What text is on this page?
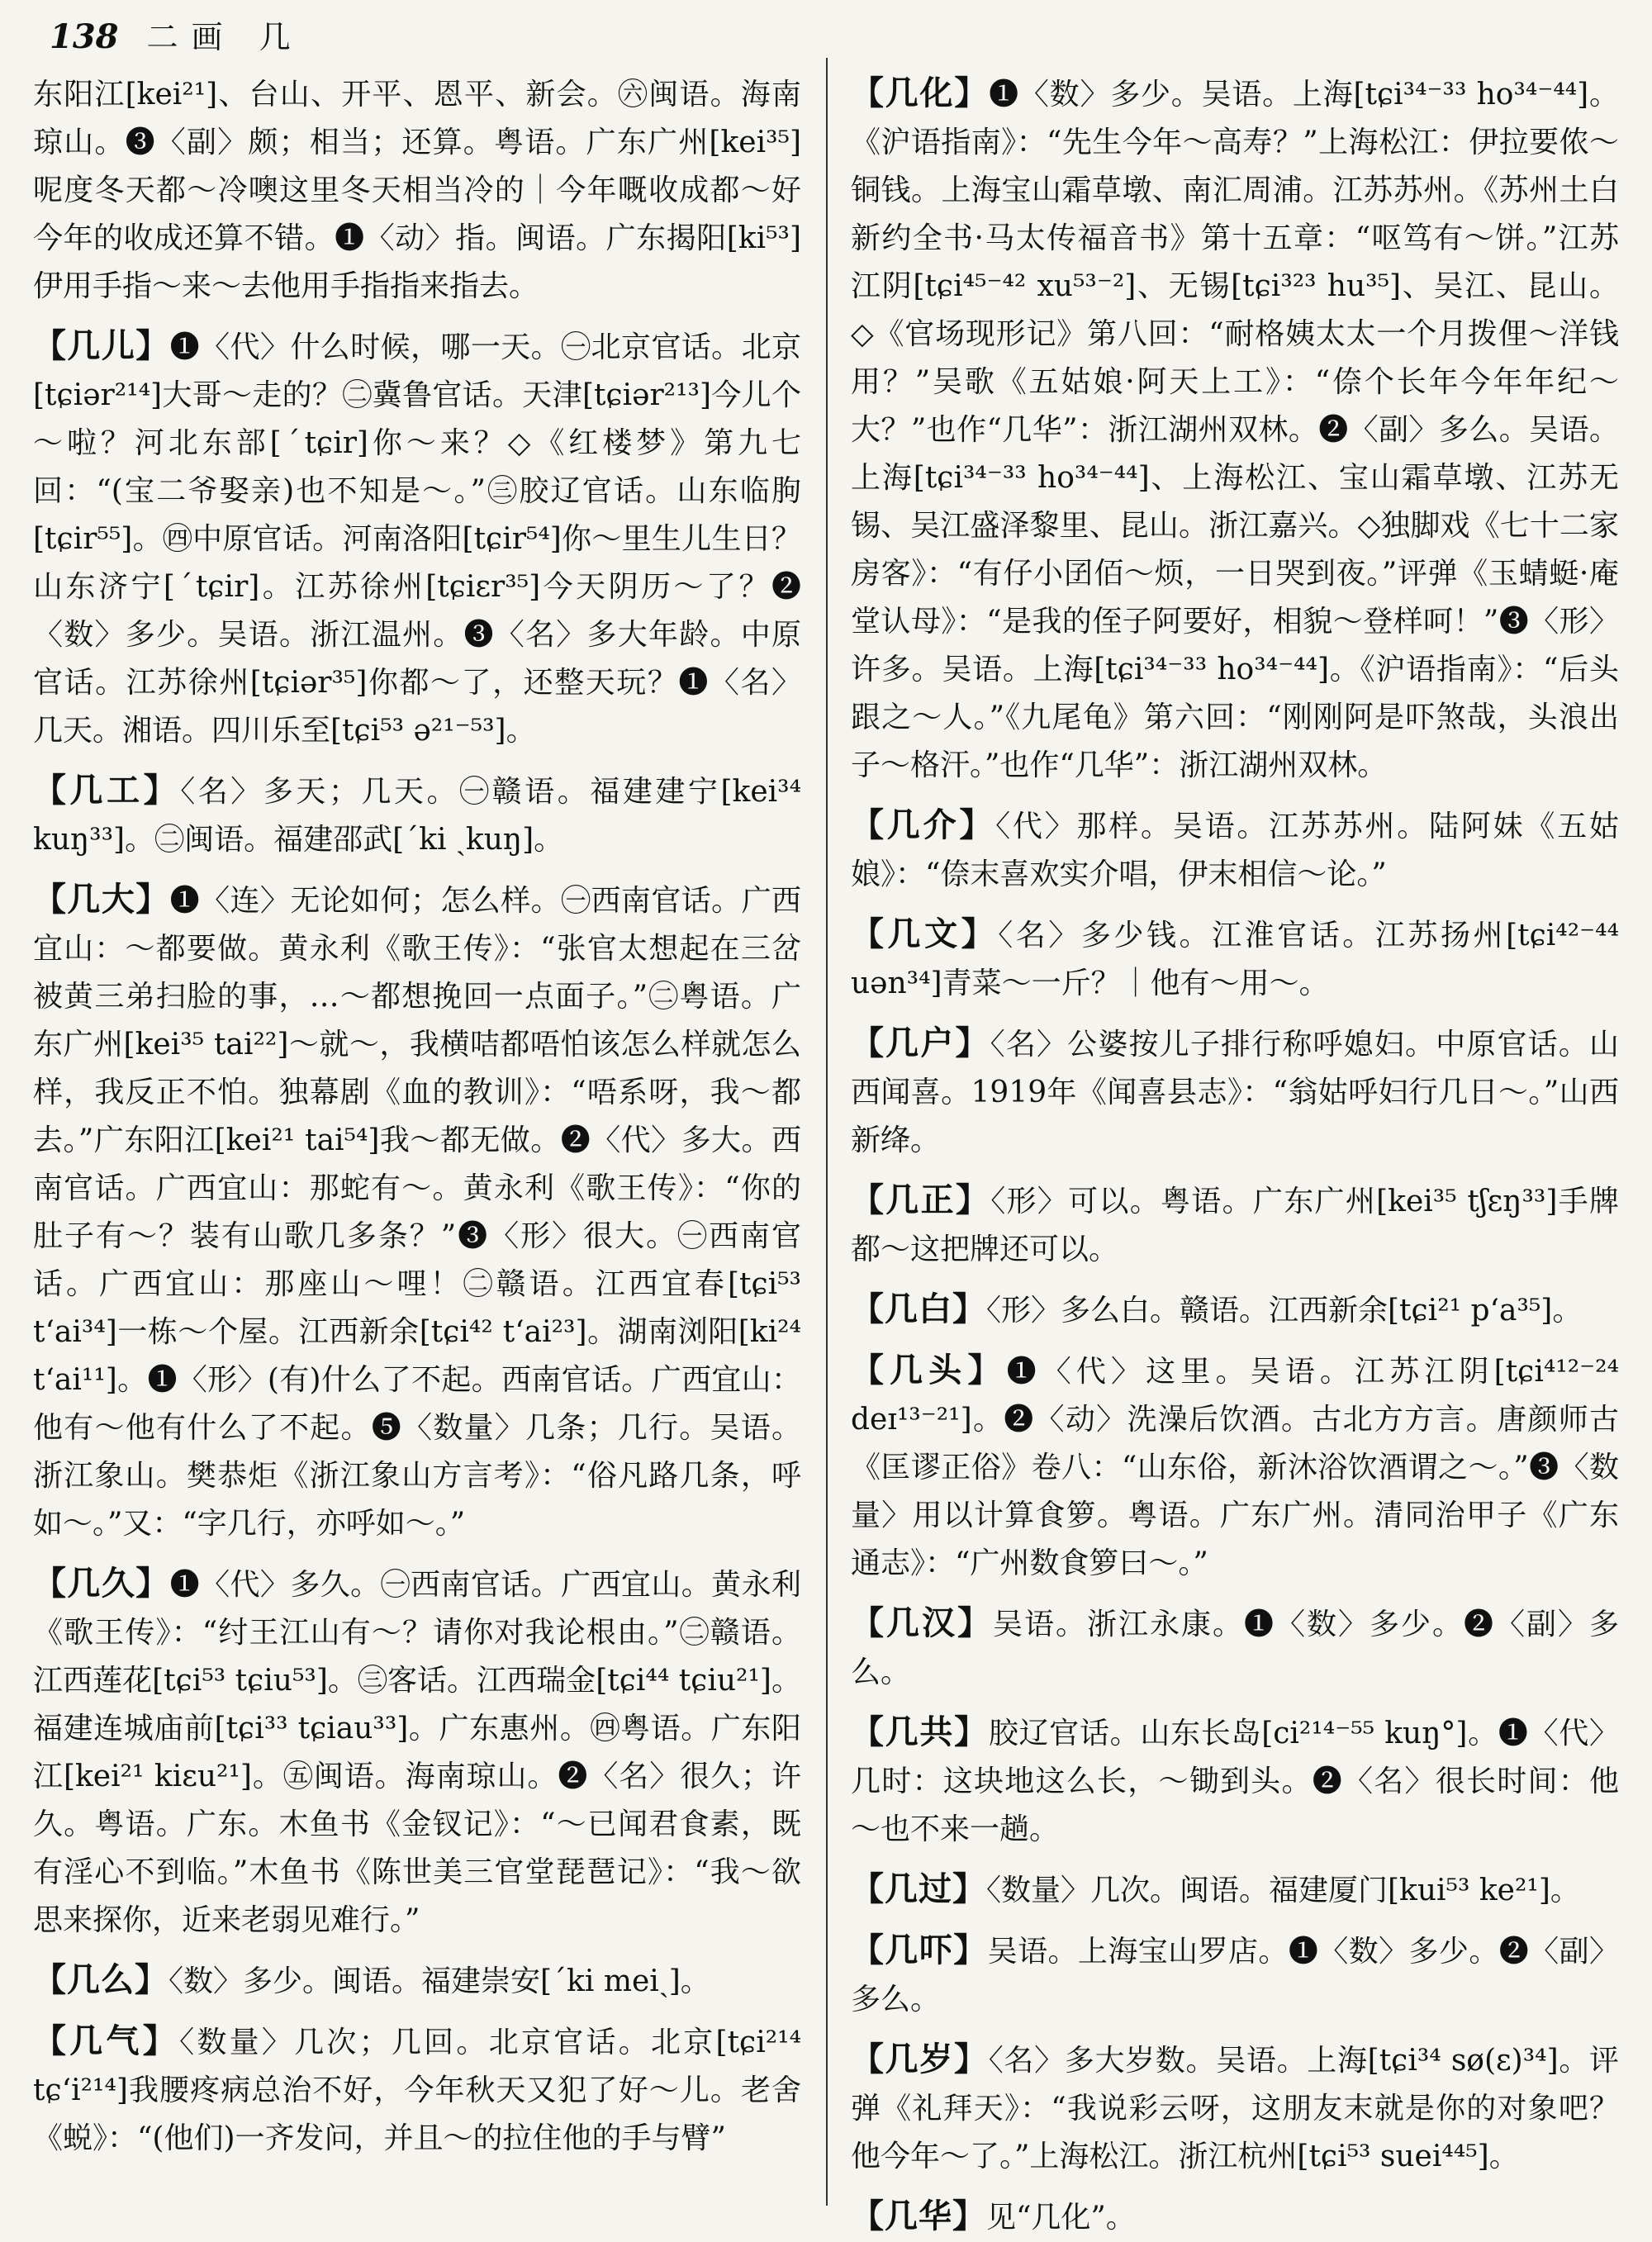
138 二画 几

东阳江[kei²¹]、台山、开平、恩平、新会。㊅闽语。海南琼山。❸〈副〉颇；相当；还算。粤语。广东广州[kei³⁵]呢度冬天都～冷噢这里冬天相当冷的｜今年嘅收成都～好今年的收成还算不错。❶〈动〉指。闽语。广东揭阳[ki⁵³]伊用手指～来～去他用手指指来指去。

【几儿】❶〈代〉什么时候，哪一天。㊀北京官话。北京[tɕiər²¹⁴]大哥～走的？㊁冀鲁官话。天津[tɕiər²¹³]今儿个～啦？河北东部[ˊtɕir]你～来？◇《红楼梦》第九七回：“(宝二爷娶亲)也不知是～。”㊂胶辽官话。山东临朐[tɕir⁵⁵]。㊃中原官话。河南洛阳[tɕir⁵⁴]你～里生儿生日？山东济宁[ˊtɕir]。江苏徐州[tɕiɛr³⁵]今天阴历～了？❷〈数〉多少。吴语。浙江温州。❸〈名〉多大年龄。中原官话。江苏徐州[tɕiər³⁵]你都～了，还整天玩？❶〈名〉几天。湘语。四川乐至[tɕi⁵³ ə²¹⁻⁵³]。

【几工】〈名〉多天；几天。㊀赣语。福建建宁[kei³⁴ kuŋ³³]。㊁闽语。福建邵武[ˊki ˏkuŋ]。

【几大】❶〈连〉无论如何；怎么样。㊀西南官话。广西宜山：～都要做。黄永利《歌王传》：“张官太想起在三岔被黄三弟扫脸的事，…～都想挽回一点面子。”㊁粤语。广东广州[kei³⁵ tai²²]～就～，我横咭都唔怕该怎么样就怎么样，我反正不怕。独幕剧《血的教训》：“唔系呀，我～都去。”广东阳江[kei²¹ tai⁵⁴]我～都无做。❷〈代〉多大。西南官话。广西宜山：那蛇有～。黄永利《歌王传》：“你的肚子有～？装有山歌几多条？”❸〈形〉很大。㊀西南官话。广西宜山：那座山～哩！㊁赣语。江西宜春[tɕi⁵³ tʻai³⁴]一栋～个屋。江西新余[tɕi⁴² tʻai²³]。湖南浏阳[ki²⁴ tʻai¹¹]。❶〈形〉(有)什么了不起。西南官话。广西宜山：他有～他有什么了不起。❺〈数量〉几条；几行。吴语。浙江象山。樊恭炬《浙江象山方言考》：“俗凡路几条，呼如～。”又：“字几行，亦呼如～。”

【几久】❶〈代〉多久。㊀西南官话。广西宜山。黄永利《歌王传》：“纣王江山有～？请你对我论根由。”㊁赣语。江西莲花[tɕi⁵³ tɕiu⁵³]。㊂客话。江西瑞金[tɕi⁴⁴ tɕiu²¹]。福建连城庙前[tɕi³³ tɕiau³³]。广东惠州。㊃粤语。广东阳江[kei²¹ kiɛu²¹]。㊄闽语。海南琼山。❷〈名〉很久；许久。粤语。广东。木鱼书《金钗记》：“～已闻君食素，既有淫心不到临。”木鱼书《陈世美三官堂琵琶记》：“我～欲思来探你，近来老弱见难行。”

【几么】〈数〉多少。闽语。福建崇安[ˊki meiˎ]。

【几气】〈数量〉几次；几回。北京官话。北京[tɕi²¹⁴ tɕʻi²¹⁴]我腰疼病总治不好，今年秋天又犯了好～儿。老舍《蜕》：“(他们)一齐发问，并且～的拉住他的手与臂”

【几化】❶〈数〉多少。吴语。上海[tɕi³⁴⁻³³ ho³⁴⁻⁴⁴]。《沪语指南》：“先生今年～高寿？”上海松江：伊拉要侬～铜钱。上海宝山霜草墩、南汇周浦。江苏苏州。《苏州土白新约全书·马太传福音书》第十五章：“呕笃有～饼。”江苏江阴[tɕi⁴⁵⁻⁴² xu⁵³⁻²]、无锡[tɕi³²³ hu³⁵]、吴江、昆山。◇《官场现形记》第八回：“耐格姨太太一个月拨俚～洋钱用？”吴歌《五姑娘·阿天上工》：“倷个长年今年年纪～大？”也作“几华”：浙江湖州双林。❷〈副〉多么。吴语。上海[tɕi³⁴⁻³³ ho³⁴⁻⁴⁴]、上海松江、宝山霜草墩、江苏无锡、吴江盛泽黎里、昆山。浙江嘉兴。◇独脚戏《七十二家房客》：“有仔小囝佰～烦，一日哭到夜。”评弹《玉蜻蜓·庵堂认母》：“是我的侄子阿要好，相貌～登样呵！”❸〈形〉许多。吴语。上海[tɕi³⁴⁻³³ ho³⁴⁻⁴⁴]。《沪语指南》：“后头跟之～人。”《九尾龟》第六回：“刚刚阿是吓煞哉，头浪出子～格汗。”也作“几华”：浙江湖州双林。

【几介】〈代〉那样。吴语。江苏苏州。陆阿妹《五姑娘》：“倷末喜欢实介唱，伊末相信～论。”

【几文】〈名〉多少钱。江淮官话。江苏扬州[tɕi⁴²⁻⁴⁴ uən³⁴]青菜～一斤？｜他有～用～。

【几户】〈名〉公婆按儿子排行称呼媳妇。中原官话。山西闻喜。1919年《闻喜县志》：“翁姑呼妇行几日～。”山西新绛。

【几正】〈形〉可以。粤语。广东广州[kei³⁵ tʃɛŋ³³]手牌都～这把牌还可以。

【几白】〈形〉多么白。赣语。江西新余[tɕi²¹ pʻa³⁵]。

【几头】❶〈代〉这里。吴语。江苏江阴[tɕi⁴¹²⁻²⁴ deɪ¹³⁻²¹]。❷〈动〉洗澡后饮酒。古北方方言。唐颜师古《匡谬正俗》卷八：“山东俗，新沐浴饮酒谓之～。”❸〈数量〉用以计算食箩。粤语。广东广州。清同治甲子《广东通志》：“广州数食箩曰～。”

【几汉】吴语。浙江永康。❶〈数〉多少。❷〈副〉多么。

【几共】胶辽官话。山东长岛[ci²¹⁴⁻⁵⁵ kuŋ°]。❶〈代〉几时：这块地这么长，～锄到头。❷〈名〉很长时间：他～也不来一趟。

【几过】〈数量〉几次。闽语。福建厦门[kui⁵³ ke²¹]。

【几吓】吴语。上海宝山罗店。❶〈数〉多少。❷〈副〉多么。

【几岁】〈名〉多大岁数。吴语。上海[tɕi³⁴ sø(ɛ)³⁴]。评弹《礼拜天》：“我说彩云呀，这朋友末就是你的对象吧？他今年～了。”上海松江。浙江杭州[tɕi⁵³ suei⁴⁴⁵]。

【几华】见“几化”。
